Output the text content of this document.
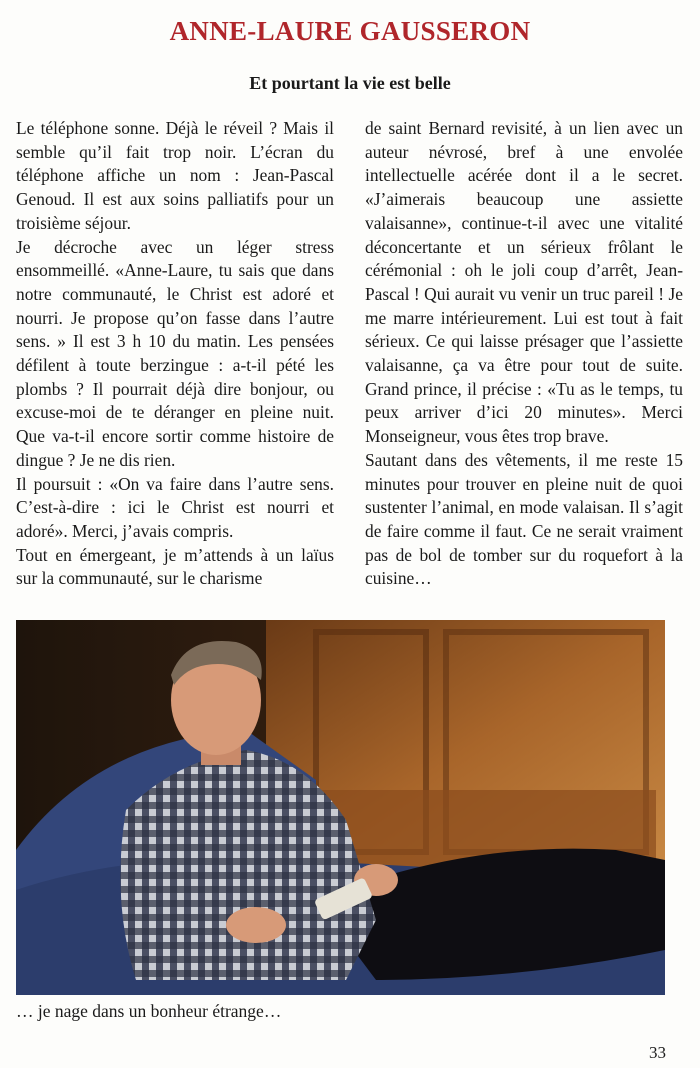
ANNE-LAURE GAUSSERON
Et pourtant la vie est belle

Le téléphone sonne. Déjà le réveil ? Mais il semble qu’il fait trop noir. L’écran du téléphone affiche un nom : Jean-Pascal Genoud. Il est aux soins palliatifs pour un troisième séjour.

Je décroche avec un léger stress ensommeillé. «Anne-Laure, tu sais que dans notre communauté, le Christ est adoré et nourri. Je propose qu’on fasse dans l’autre sens. » Il est 3 h 10 du matin. Les pensées défilent à toute berzingue : a-t-il pété les plombs ? Il pourrait déjà dire bonjour, ou excuse-moi de te déranger en pleine nuit. Que va-t-il encore sortir comme histoire de dingue ? Je ne dis rien.

Il poursuit : «On va faire dans l’autre sens. C’est-à-dire : ici le Christ est nourri et adoré». Merci, j’avais compris.

Tout en émergeant, je m’attends à un laïus sur la communauté, sur le charisme

de saint Bernard revisité, à un lien avec un auteur névrosé, bref à une envolée intellectuelle acérée dont il a le secret. «J’aimerais beaucoup une assiette valaisanne», continue-t-il avec une vitalité déconcertante et un sérieux frôlant le cérémonial : oh le joli coup d’arrêt, Jean-Pascal ! Qui aurait vu venir un truc pareil ! Je me marre intérieurement. Lui est tout à fait sérieux. Ce qui laisse présager que l’assiette valaisanne, ça va être pour tout de suite. Grand prince, il précise : «Tu as le temps, tu peux arriver d’ici 20 minutes». Merci Monseigneur, vous êtes trop brave.

Sautant dans des vêtements, il me reste 15 minutes pour trouver en pleine nuit de quoi sustenter l’animal, en mode valaisan. Il s’agit de faire comme il faut. Ce ne serait vraiment pas de bol de tomber sur du roquefort à la cuisine…

… je nage dans un bonheur étrange…

33
